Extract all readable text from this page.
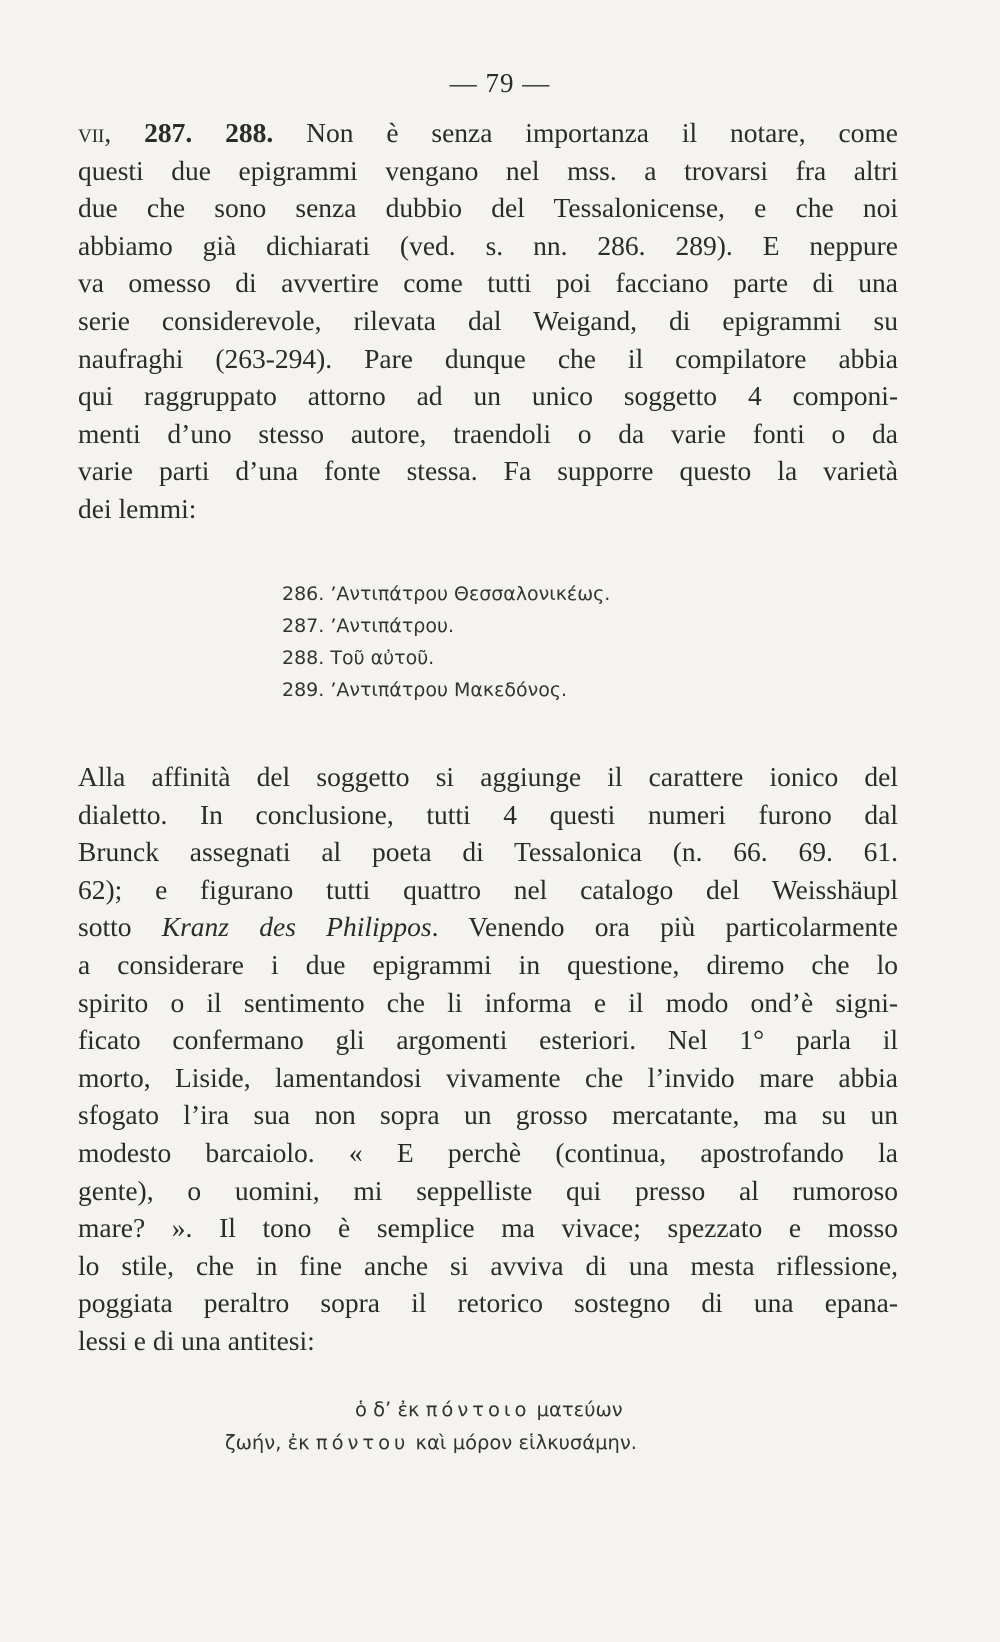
— 79 —
vii, 287. 288. Non è senza importanza il notare, come
questi due epigrammi vengano nel mss. a trovarsi fra altri
due che sono senza dubbio del Tessalonicense, e che noi
abbiamo già dichiarati (ved. s. nn. 286. 289). E neppure
va omesso di avvertire come tutti poi facciano parte di una
serie considerevole, rilevata dal Weigand, di epigrammi su
naufraghi (263-294). Pare dunque che il compilatore abbia
qui raggruppato attorno ad un unico soggetto 4 componi-
menti d’uno stesso autore, traendoli o da varie fonti o da
varie parti d’una fonte stessa. Fa supporre questo la varietà
dei lemmi:
286. ’Αντιπάτρου Θεσσαλονικέως.
287. ’Αντιπάτρου.
288. Τοῦ αὐτοῦ.
289. ’Αντιπάτρου Μακεδόνος.
Alla affinità del soggetto si aggiunge il carattere ionico del
dialetto. In conclusione, tutti 4 questi numeri furono dal
Brunck assegnati al poeta di Tessalonica (n. 66. 69. 61.
62); e figurano tutti quattro nel catalogo del Weisshäupl
sotto Kranz des Philippos. Venendo ora più particolarmente
a considerare i due epigrammi in questione, diremo che lo
spirito o il sentimento che li informa e il modo ond’è signi-
ficato confermano gli argomenti esteriori. Nel 1° parla il
morto, Liside, lamentandosi vivamente che l’invido mare abbia
sfogato l’ira sua non sopra un grosso mercatante, ma su un
modesto barcaiolo. « E perchè (continua, apostrofando la
gente), o uomini, mi seppelliste qui presso al rumoroso
mare? ». Il tono è semplice ma vivace; spezzato e mosso
lo stile, che in fine anche si avviva di una mesta riflessione,
poggiata peraltro sopra il retorico sostegno di una epana-
lessi e di una antitesi:
ὁ δ’ ἐκ πόντοιο ματεύων
ζωήν, ἐκ πόντου καὶ μόρον εἱλκυσάμην.
